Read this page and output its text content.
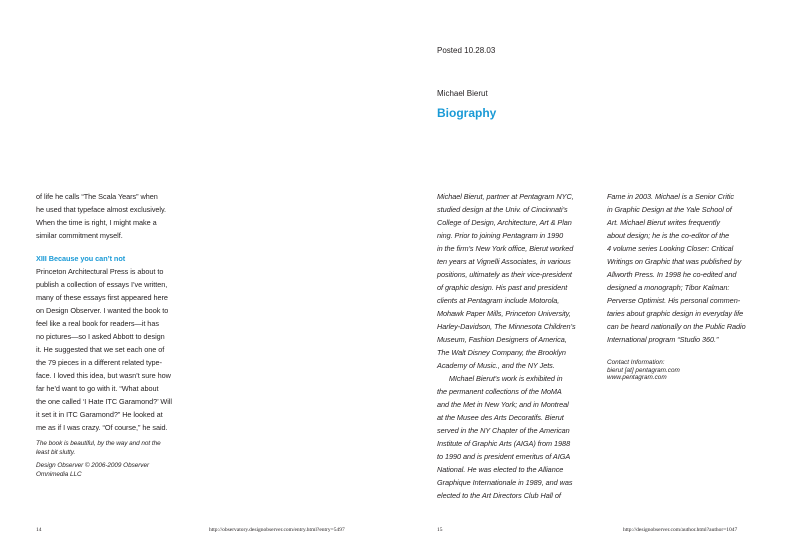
Posted 10.28.03
Michael Bierut
Biography
of life he calls “The Scala Years” when
he used that typeface almost exclusively.
When the time is right, I might make a
similar commitment myself.
XIII Because you can’t not
Princeton Architectural Press is about to
publish a collection of essays I’ve written,
many of these essays first appeared here
on Design Observer. I wanted the book to
feel like a real book for readers—it has
no pictures—so I asked Abbott to design
it. He suggested that we set each one of
the 79 pieces in a different related type-
face. I loved this idea, but wasn’t sure how
far he’d want to go with it. “What about
the one called ‘I Hate ITC Garamond?’ Will
it set it in ITC Garamond?” He looked at
me as if I was crazy. “Of course,” he said.
The book is beautiful, by the way and not the
least bit slutty.
Design Observer © 2006-2009 Observer
Omnimedia LLC
Michael Bierut, partner at Pentagram NYC,
studied design at the Univ. of Cincinnati’s
College of Design, Architecture, Art & Plan
ning. Prior to joining Pentagram in 1990
in the firm’s New York office, Bierut worked
ten years at Vignelli Associates, in various
positions, ultimately as their vice-president
of graphic design. His past and president
clients at Pentagram include Motorola,
Mohawk Paper Mills, Princeton University,
Harley-Davidson, The Minnesota Children’s
Museum, Fashion Designers of America,
The Walt Disney Company, the Brooklyn
Academy of Music., and the NY Jets.
MIchael Bierut’s work is exhibited in
the permanent collections of the MoMA
and the Met in New York; and in Montreal
at the Musee des Arts Decoratifs. Bierut
served in the NY Chapter of the American
Institute of Graphic Arts (AIGA) from 1988
to 1990 and is president emeritus of AIGA
National. He was elected to the Alliance
Graphique Internationale in 1989, and was
elected to the Art Directors Club Hall of
Fame in 2003. Michael is a Senior Critic
in Graphic Design at the Yale School of
Art. Michael Bierut writes frequently
about design; he is the co-editor of the
4 volume series Looking Closer: Critical
Writings on Graphic that was published by
Allworth Press. In 1998 he co-edited and
designed a monograph; Tibor Kalman:
Perverse Optimist. His personal commen-
taries about graphic design in everyday life
can be heard nationally on the Public Radio
International program “Studio 360.”
Contact Information:
bierut [at] pentagram.com
www.pentagram.com
14	http://observatory.designobserver.com/entry.html?entry=5497	15	http://designobserver.com/author.html?author=1047
